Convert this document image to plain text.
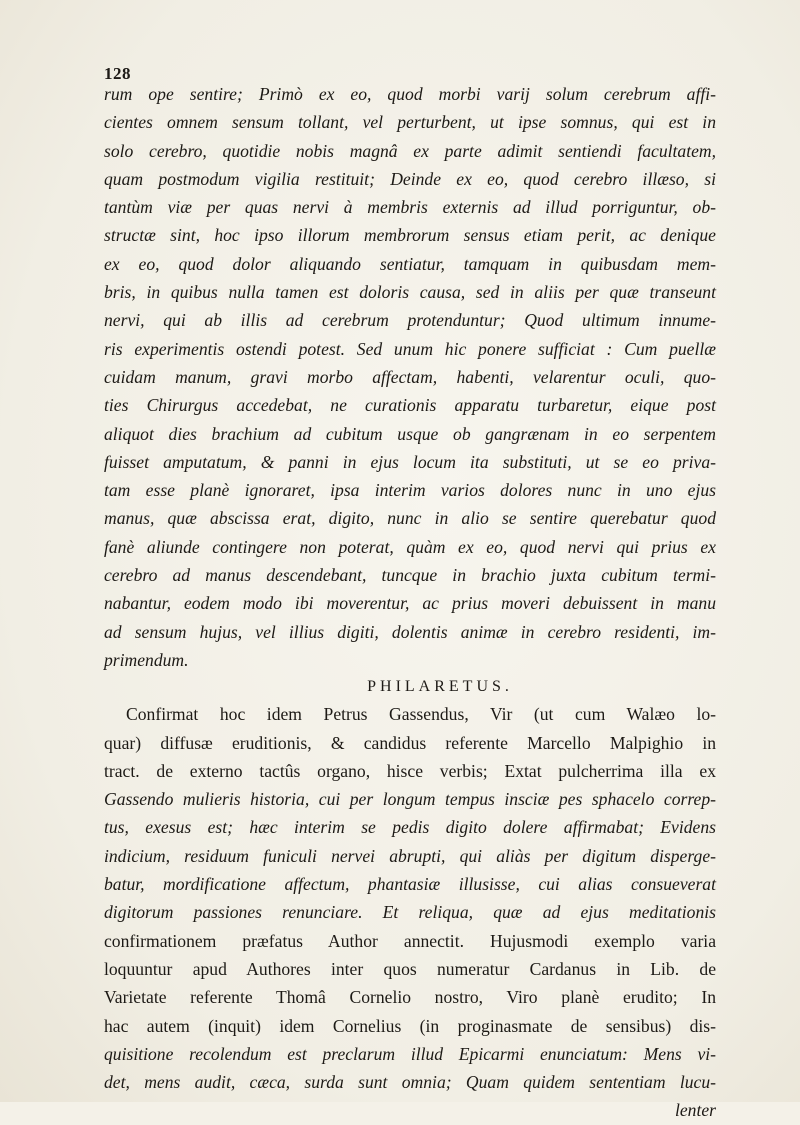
128
rum ope sentire; Primò ex eo, quod morbi varij solum cerebrum affi-
cientes omnem sensum tollant, vel perturbent, ut ipse somnus, qui est in
solo cerebro, quotidie nobis magnâ ex parte adimit sentiendi facultatem,
quam postmodum vigilia restituit; Deinde ex eo, quod cerebro illæso, si
tantùm viæ per quas nervi à membris externis ad illud porriguntur, ob-
structæ sint, hoc ipso illorum membrorum sensus etiam perit, ac denique
ex eo, quod dolor aliquando sentiatur, tamquam in quibusdam mem-
bris, in quibus nulla tamen est doloris causa, sed in aliis per quæ transeunt
nervi, qui ab illis ad cerebrum protenduntur; Quod ultimum innume-
ris experimentis ostendi potest. Sed unum hic ponere sufficiat : Cum puellæ
cuidam manum, gravi morbo affectam, habenti, velarentur oculi, quo-
ties Chirurgus accedebat, ne curationis apparatu turbaretur, eique post
aliquot dies brachium ad cubitum usque ob gangrænam in eo serpentem
fuisset amputatum, & panni in ejus locum ita substituti, ut se eo priva-
tam esse planè ignoraret, ipsa interim varios dolores nunc in uno ejus
manus, quæ abscissa erat, digito, nunc in alio se sentire querebatur quod
fanè aliunde contingere non poterat, quàm ex eo, quod nervi qui prius ex
cerebro ad manus descendebant, tuncque in brachio juxta cubitum termi-
nabantur, eodem modo ibi moverentur, ac prius moveri debuissent in manu
ad sensum hujus, vel illius digiti, dolentis animæ in cerebro residenti, im-
primendum.
PHILARETUS.
Confirmat hoc idem Petrus Gassendus, Vir (ut cum Walæo lo-
quar) diffusæ eruditionis, & candidus referente Marcello Malpighio in
tract. de externo tactûs organo, hisce verbis; Extat pulcherrima illa ex
Gassendo mulieris historia, cui per longum tempus insciæ pes sphacelo correp-
tus, exesus est; hæc interim se pedis digito dolere affirmabat; Evidens
indicium, residuum funiculi nervei abrupti, qui aliàs per digitum disperge-
batur, mordificatione affectum, phantasiæ illusisse, cui alias consueverat
digitorum passiones renunciare. Et reliqua, quæ ad ejus meditationis
confirmationem præfatus Author annectit. Hujusmodi exemplo varia
loquuntur apud Authores inter quos numeratur Cardanus in Lib. de
Varietate referente Thomâ Cornelio nostro, Viro planè erudito; In
hac autem (inquit) idem Cornelius (in proginasmate de sensibus) dis-
quisitione recolendum est preclarum illud Epicarmi enunciatum: Mens vi-
det, mens audit, cæca, surda sunt omnia; Quam quidem sententiam lucu-
lenter
